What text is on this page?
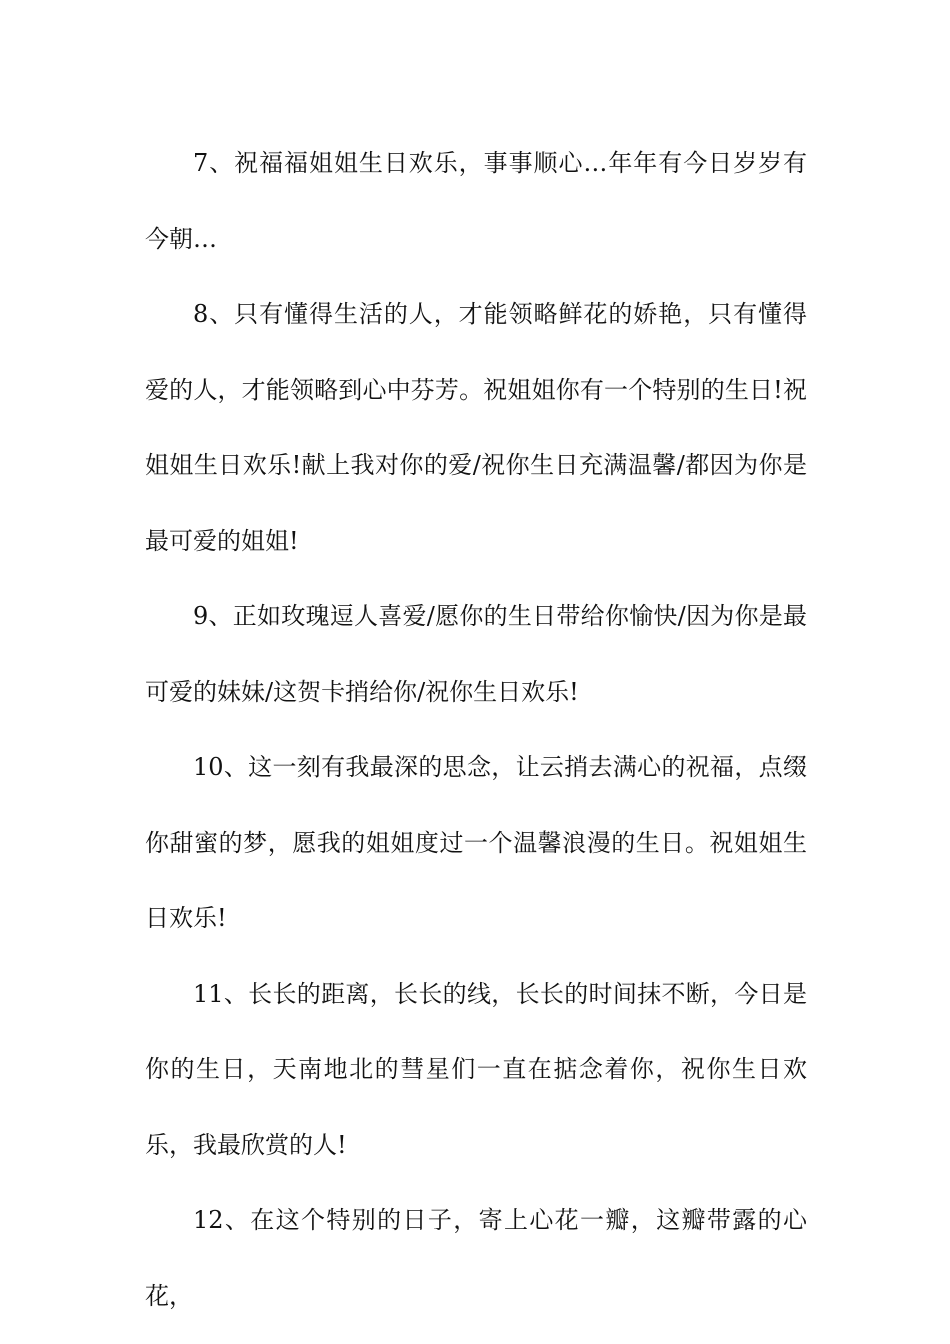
7、祝福福姐姐生日欢乐，事事顺心…年年有今日岁岁有今朝…

8、只有懂得生活的人，才能领略鲜花的娇艳，只有懂得爱的人，才能领略到心中芬芳。祝姐姐你有一个特别的生日!祝姐姐生日欢乐!献上我对你的爱/祝你生日充满温馨/都因为你是最可爱的姐姐!

9、正如玫瑰逗人喜爱/愿你的生日带给你愉快/因为你是最可爱的妹妹/这贺卡捎给你/祝你生日欢乐!

10、这一刻有我最深的思念，让云捎去满心的祝福，点缀你甜蜜的梦，愿我的姐姐度过一个温馨浪漫的生日。祝姐姐生日欢乐!

11、长长的距离，长长的线，长长的时间抹不断，今日是你的生日，天南地北的彗星们一直在掂念着你，祝你生日欢乐，我最欣赏的人!

12、在这个特别的日子，寄上心花一瓣，这瓣带露的心花，
